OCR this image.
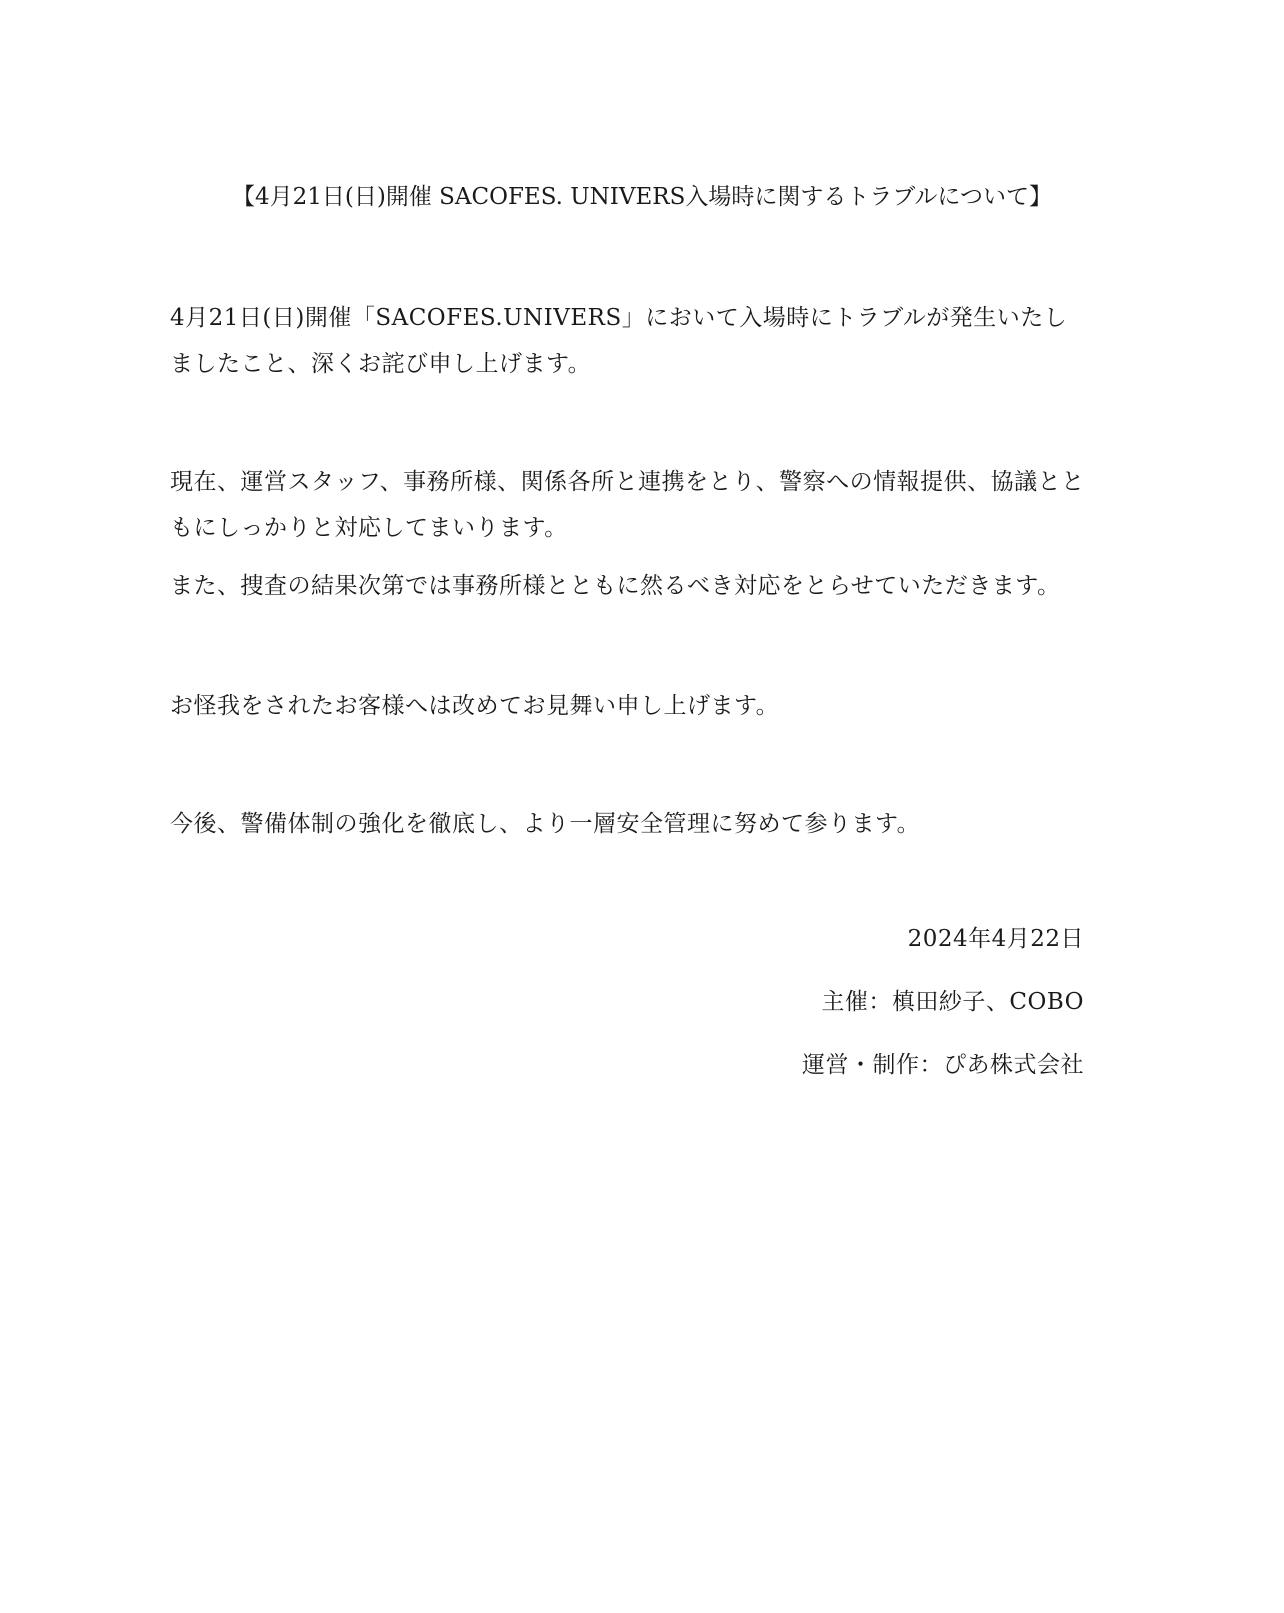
【4月21日(日)開催 SACOFES. UNIVERS入場時に関するトラブルについて】

4月21日(日)開催「SACOFES.UNIVERS」において入場時にトラブルが発生いたしましたこと、深くお詫び申し上げます。

現在、運営スタッフ、事務所様、関係各所と連携をとり、警察への情報提供、協議とともにしっかりと対応してまいります。

また、捜査の結果次第では事務所様とともに然るべき対応をとらせていただきます。

お怪我をされたお客様へは改めてお見舞い申し上げます。

今後、警備体制の強化を徹底し、より一層安全管理に努めて参ります。

2024年4月22日
主催：槙田紗子、COBO
運営・制作：ぴあ株式会社
